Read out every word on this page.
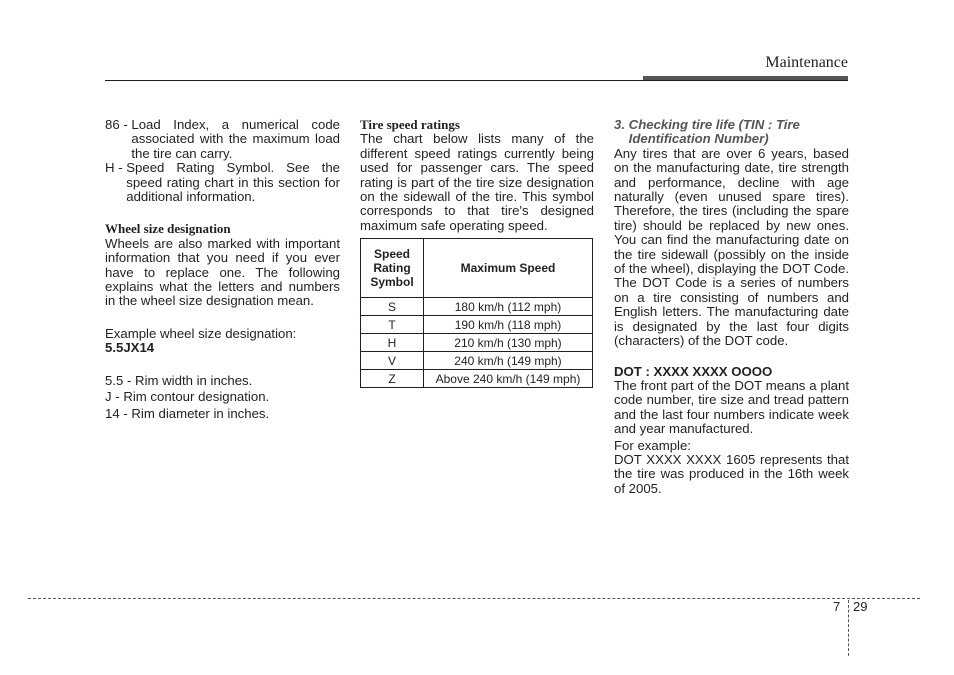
Maintenance
86 - Load Index, a numerical code associated with the maximum load the tire can carry.
H - Speed Rating Symbol. See the speed rating chart in this section for additional information.
Wheel size designation

Wheels are also marked with important information that you need if you ever have to replace one. The following explains what the letters and numbers in the wheel size designation mean.

Example wheel size designation:

5.5JX14

5.5 - Rim width in inches.

J - Rim contour designation.

14 - Rim diameter in inches.

Tire speed ratings

The chart below lists many of the different speed ratings currently being used for passenger cars. The speed rating is part of the tire size designation on the sidewall of the tire. This symbol corresponds to that tire's designed maximum safe operating speed.

Speed Rating Symbol	Maximum Speed
S	180 km/h (112 mph)
T	190 km/h (118 mph)
H	210 km/h (130 mph)
V	240 km/h (149 mph)
Z	Above 240 km/h (149 mph)
3. Checking tire life (TIN : Tire Identification Number)

Any tires that are over 6 years, based on the manufacturing date, tire strength and performance, decline with age naturally (even unused spare tires). Therefore, the tires (including the spare tire) should be replaced by new ones. You can find the manufacturing date on the tire sidewall (possibly on the inside of the wheel), displaying the DOT Code. The DOT Code is a series of numbers on a tire consisting of numbers and English letters. The manufacturing date is designated by the last four digits (characters) of the DOT code.

DOT : XXXX XXXX OOOO

The front part of the DOT means a plant code number, tire size and tread pattern and the last four numbers indicate week and year manufactured.

For example:

DOT XXXX XXXX 1605 represents that the tire was produced in the 16th week of 2005.

7 29
